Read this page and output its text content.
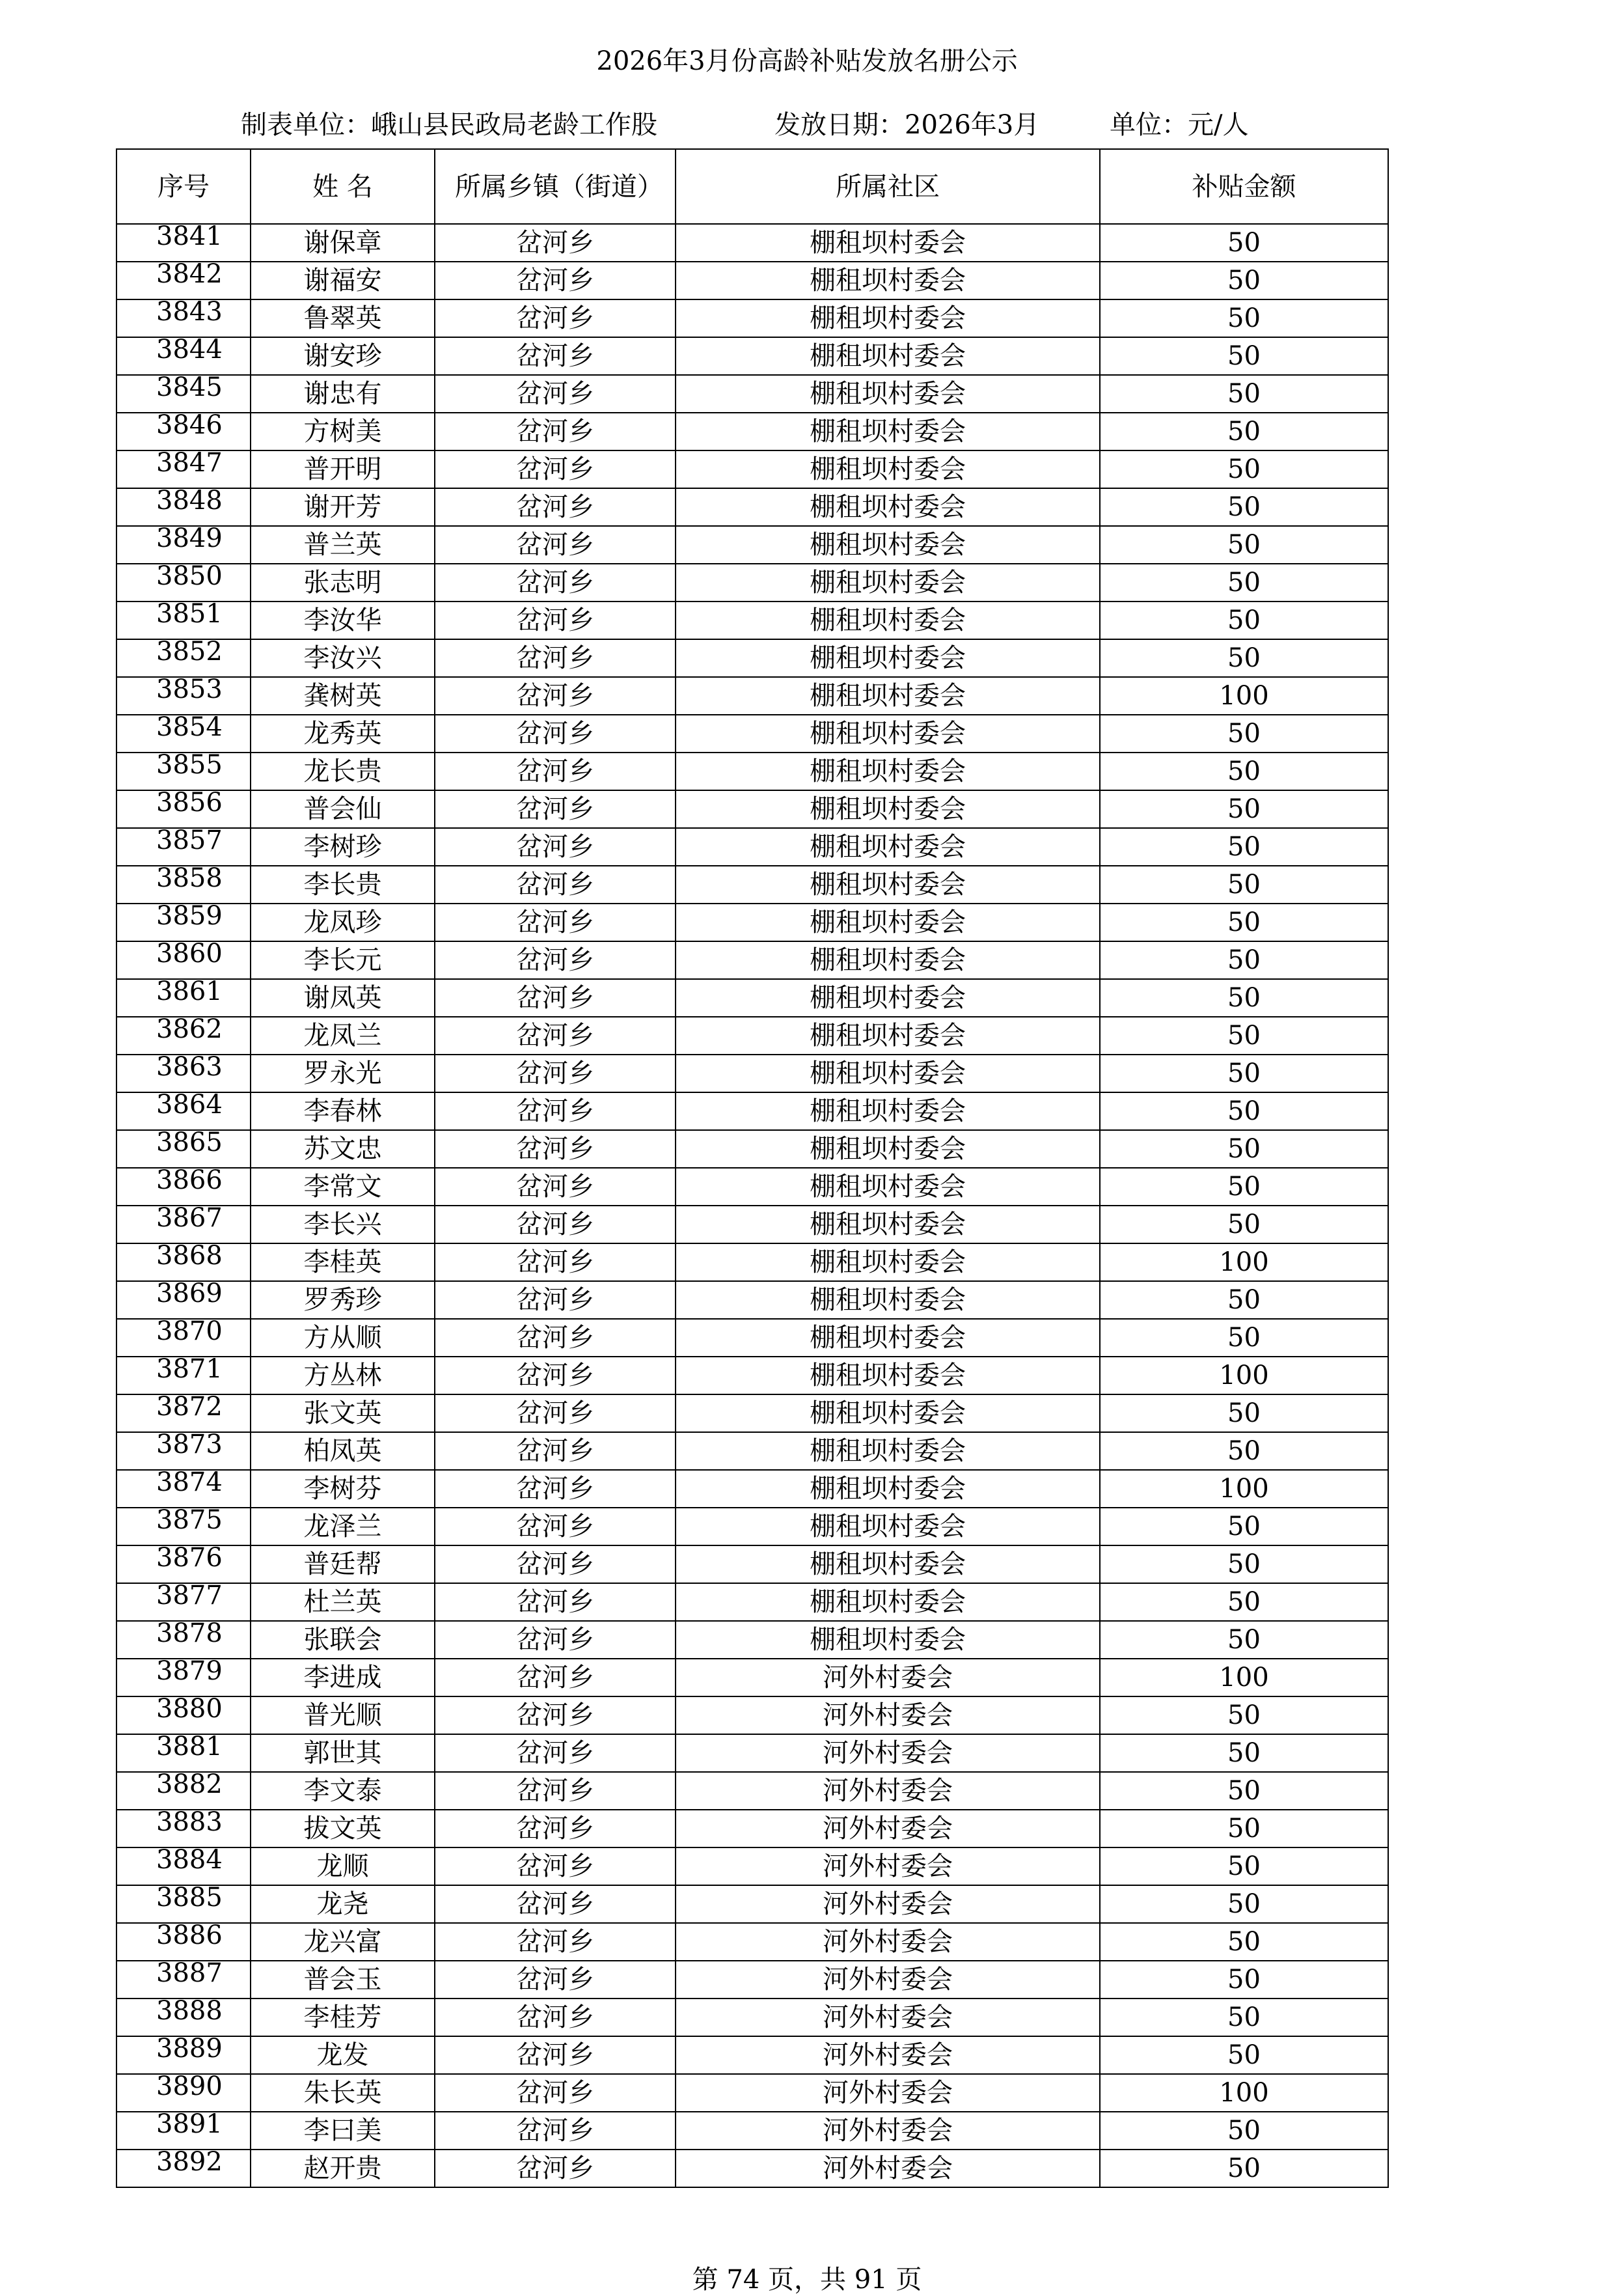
2026年3月份高龄补贴发放名册公示
制表单位：峨山县民政局老龄工作股	发放日期：2026年3月	单位：元/人
序号	姓 名	所属乡镇（街道）	所属社区	补贴金额

3841	谢保章	岔河乡	棚租坝村委会	50

3842	谢福安	岔河乡	棚租坝村委会	50

3843	鲁翠英	岔河乡	棚租坝村委会	50

3844	谢安珍	岔河乡	棚租坝村委会	50

3845	谢忠有	岔河乡	棚租坝村委会	50

3846	方树美	岔河乡	棚租坝村委会	50

3847	普开明	岔河乡	棚租坝村委会	50

3848	谢开芳	岔河乡	棚租坝村委会	50

3849	普兰英	岔河乡	棚租坝村委会	50

3850	张志明	岔河乡	棚租坝村委会	50

3851	李汝华	岔河乡	棚租坝村委会	50

3852	李汝兴	岔河乡	棚租坝村委会	50

3853	龚树英	岔河乡	棚租坝村委会	100

3854	龙秀英	岔河乡	棚租坝村委会	50

3855	龙长贵	岔河乡	棚租坝村委会	50

3856	普会仙	岔河乡	棚租坝村委会	50

3857	李树珍	岔河乡	棚租坝村委会	50

3858	李长贵	岔河乡	棚租坝村委会	50

3859	龙凤珍	岔河乡	棚租坝村委会	50

3860	李长元	岔河乡	棚租坝村委会	50

3861	谢凤英	岔河乡	棚租坝村委会	50

3862	龙凤兰	岔河乡	棚租坝村委会	50

3863	罗永光	岔河乡	棚租坝村委会	50

3864	李春林	岔河乡	棚租坝村委会	50

3865	苏文忠	岔河乡	棚租坝村委会	50

3866	李常文	岔河乡	棚租坝村委会	50

3867	李长兴	岔河乡	棚租坝村委会	50

3868	李桂英	岔河乡	棚租坝村委会	100

3869	罗秀珍	岔河乡	棚租坝村委会	50

3870	方从顺	岔河乡	棚租坝村委会	50

3871	方丛林	岔河乡	棚租坝村委会	100

3872	张文英	岔河乡	棚租坝村委会	50

3873	柏凤英	岔河乡	棚租坝村委会	50

3874	李树芬	岔河乡	棚租坝村委会	100

3875	龙泽兰	岔河乡	棚租坝村委会	50

3876	普廷帮	岔河乡	棚租坝村委会	50

3877	杜兰英	岔河乡	棚租坝村委会	50

3878	张联会	岔河乡	棚租坝村委会	50

3879	李进成	岔河乡	河外村委会	100

3880	普光顺	岔河乡	河外村委会	50

3881	郭世其	岔河乡	河外村委会	50

3882	李文泰	岔河乡	河外村委会	50

3883	拔文英	岔河乡	河外村委会	50

3884	龙顺	岔河乡	河外村委会	50

3885	龙尧	岔河乡	河外村委会	50

3886	龙兴富	岔河乡	河外村委会	50

3887	普会玉	岔河乡	河外村委会	50

3888	李桂芳	岔河乡	河外村委会	50

3889	龙发	岔河乡	河外村委会	50

3890	朱长英	岔河乡	河外村委会	100

3891	李曰美	岔河乡	河外村委会	50

3892	赵开贵	岔河乡	河外村委会	50
第 74 页，共 91 页
